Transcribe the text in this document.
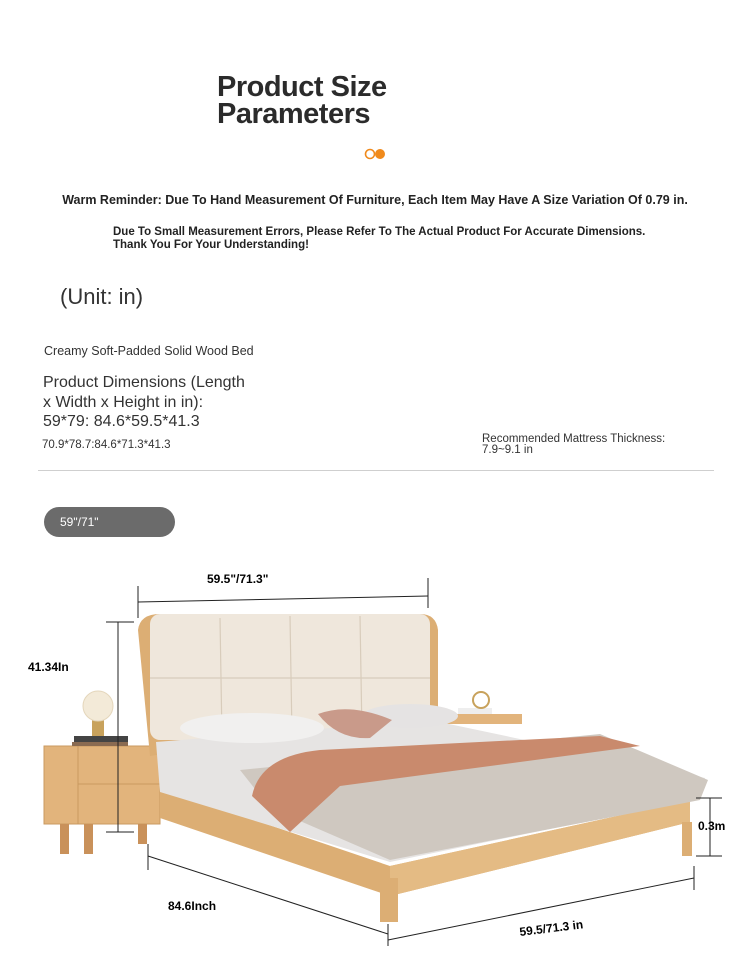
Product Size
Parameters
Warm Reminder: Due To Hand Measurement Of Furniture, Each Item May Have A Size Variation Of 0.79 in.
Due To Small Measurement Errors, Please Refer To The Actual Product For Accurate Dimensions.
Thank You For Your Understanding!
(Unit: in)
Creamy Soft-Padded Solid Wood Bed
Product Dimensions (Length
x Width x Height in in):
59*79: 84.6*59.5*41.3
70.9*78.7:84.6*71.3*41.3	Recommended Mattress Thickness:
7.9~9.1 in
59"/71"
59.5"/71.3"
41.34In
84.6Inch
59.5/71.3 in
0.3m
